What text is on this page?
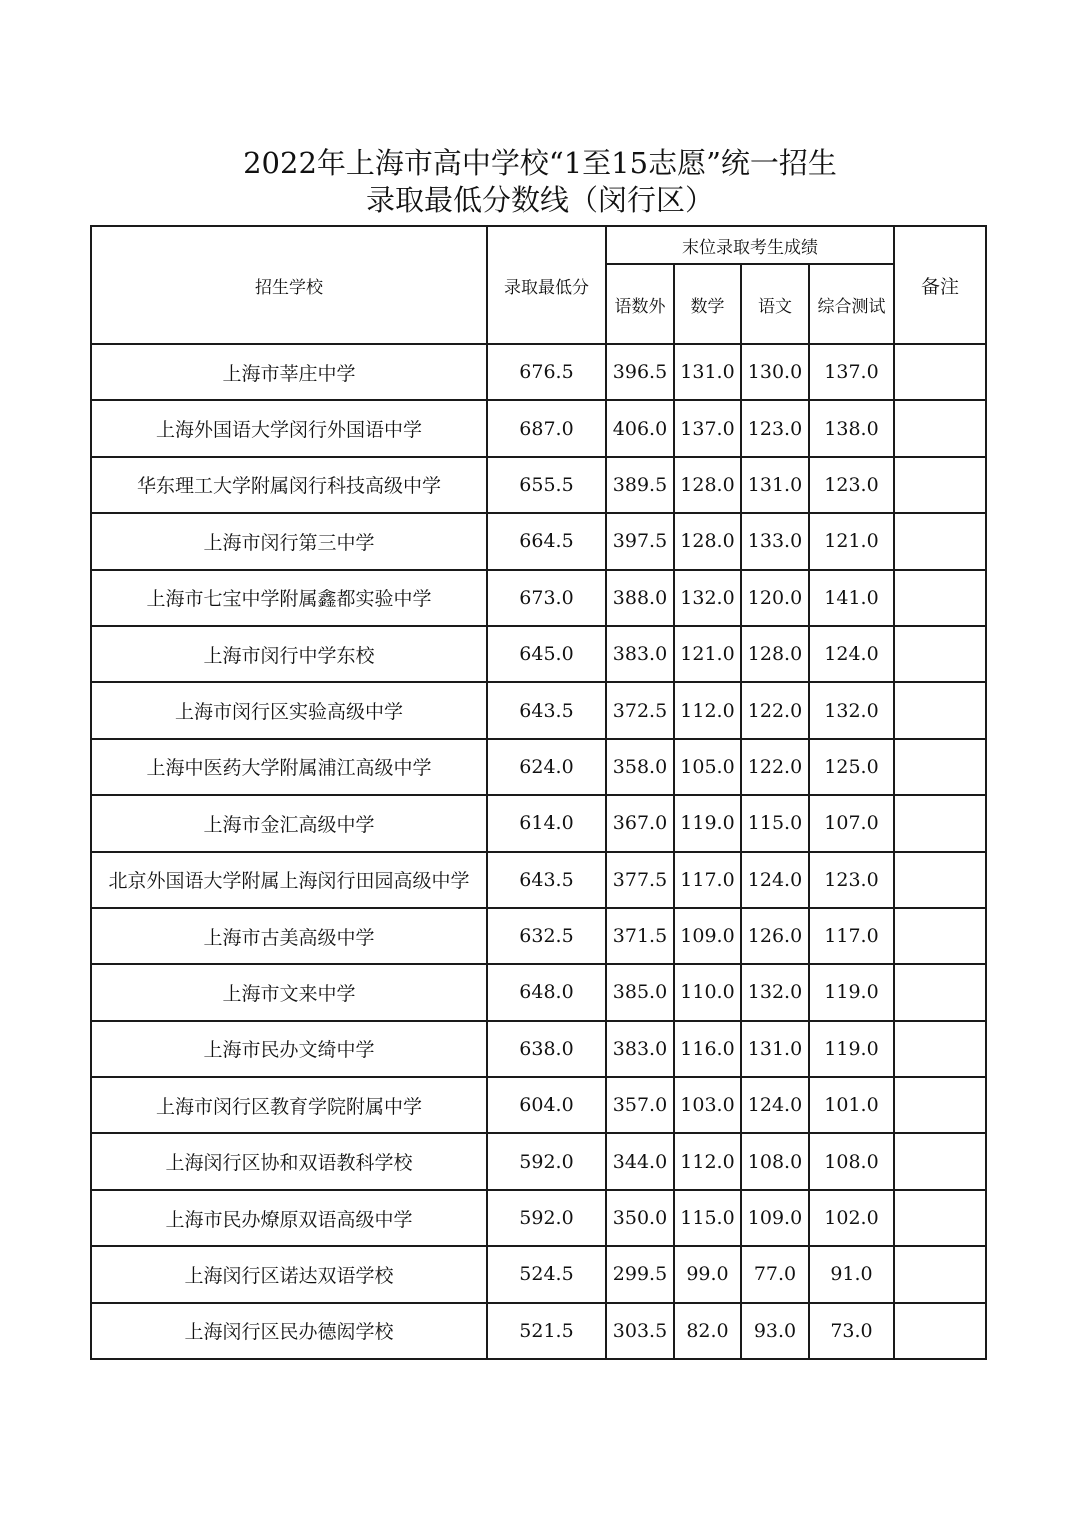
2022年上海市高中学校“1至15志愿”统一招生
录取最低分数线（闵行区）
招生学校	录取最低分	末位录取考生成绩				备注
		语数外	数学	语文	综合测试	
上海市莘庄中学	676.5	396.5	131.0	130.0	137.0	
上海外国语大学闵行外国语中学	687.0	406.0	137.0	123.0	138.0	
华东理工大学附属闵行科技高级中学	655.5	389.5	128.0	131.0	123.0	
上海市闵行第三中学	664.5	397.5	128.0	133.0	121.0	
上海市七宝中学附属鑫都实验中学	673.0	388.0	132.0	120.0	141.0	
上海市闵行中学东校	645.0	383.0	121.0	128.0	124.0	
上海市闵行区实验高级中学	643.5	372.5	112.0	122.0	132.0	
上海中医药大学附属浦江高级中学	624.0	358.0	105.0	122.0	125.0	
上海市金汇高级中学	614.0	367.0	119.0	115.0	107.0	
北京外国语大学附属上海闵行田园高级中学	643.5	377.5	117.0	124.0	123.0	
上海市古美高级中学	632.5	371.5	109.0	126.0	117.0	
上海市文来中学	648.0	385.0	110.0	132.0	119.0	
上海市民办文绮中学	638.0	383.0	116.0	131.0	119.0	
上海市闵行区教育学院附属中学	604.0	357.0	103.0	124.0	101.0	
上海闵行区协和双语教科学校	592.0	344.0	112.0	108.0	108.0	
上海市民办燎原双语高级中学	592.0	350.0	115.0	109.0	102.0	
上海闵行区诺达双语学校	524.5	299.5	99.0	77.0	91.0	
上海闵行区民办德闳学校	521.5	303.5	82.0	93.0	73.0	
